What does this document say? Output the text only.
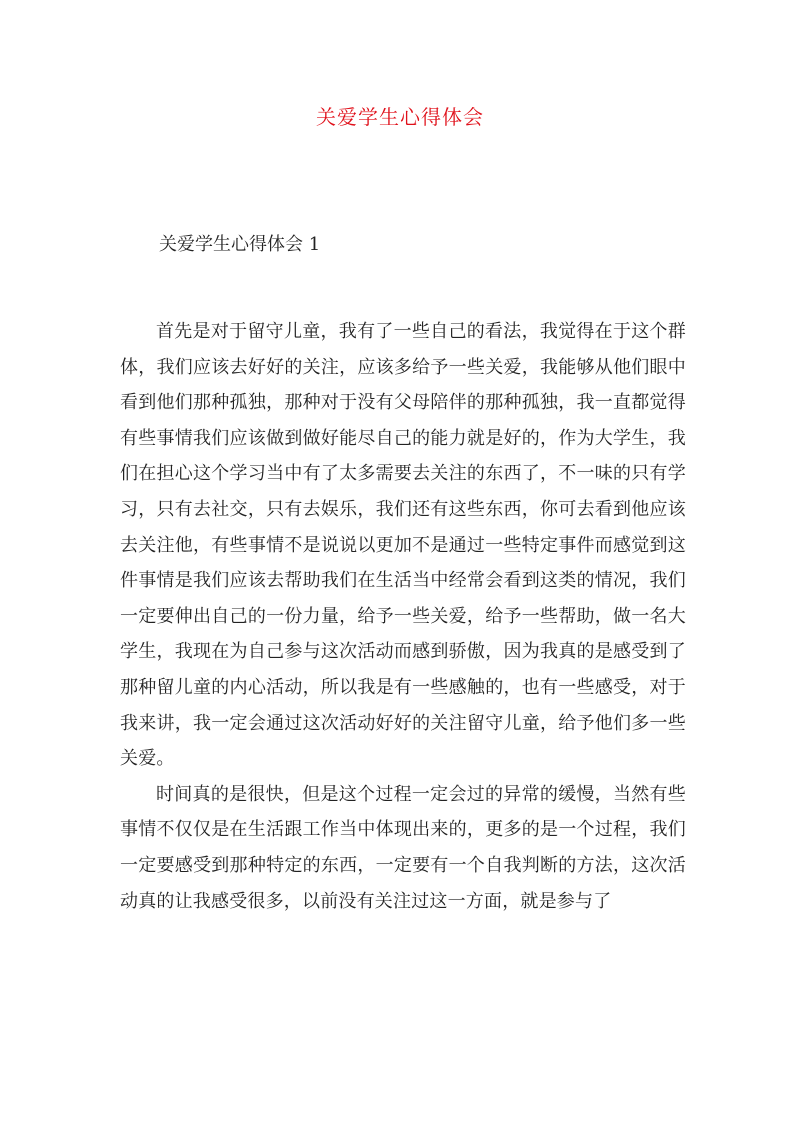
关爱学生心得体会
关爱学生心得体会 1

首先是对于留守儿童，我有了一些自己的看法，我觉得在于这个群体，我们应该去好好的关注，应该多给予一些关爱，我能够从他们眼中看到他们那种孤独，那种对于没有父母陪伴的那种孤独，我一直都觉得有些事情我们应该做到做好能尽自己的能力就是好的，作为大学生，我们在担心这个学习当中有了太多需要去关注的东西了，不一味的只有学习，只有去社交，只有去娱乐，我们还有这些东西，你可去看到他应该去关注他，有些事情不是说说以更加不是通过一些特定事件而感觉到这件事情是我们应该去帮助我们在生活当中经常会看到这类的情况，我们一定要伸出自己的一份力量，给予一些关爱，给予一些帮助，做一名大学生，我现在为自己参与这次活动而感到骄傲，因为我真的是感受到了那种留儿童的内心活动，所以我是有一些感触的，也有一些感受，对于我来讲，我一定会通过这次活动好好的关注留守儿童，给予他们多一些关爱。

时间真的是很快，但是这个过程一定会过的异常的缓慢，当然有些事情不仅仅是在生活跟工作当中体现出来的，更多的是一个过程，我们一定要感受到那种特定的东西，一定要有一个自我判断的方法，这次活动真的让我感受很多，以前没有关注过这一方面，就是参与了
